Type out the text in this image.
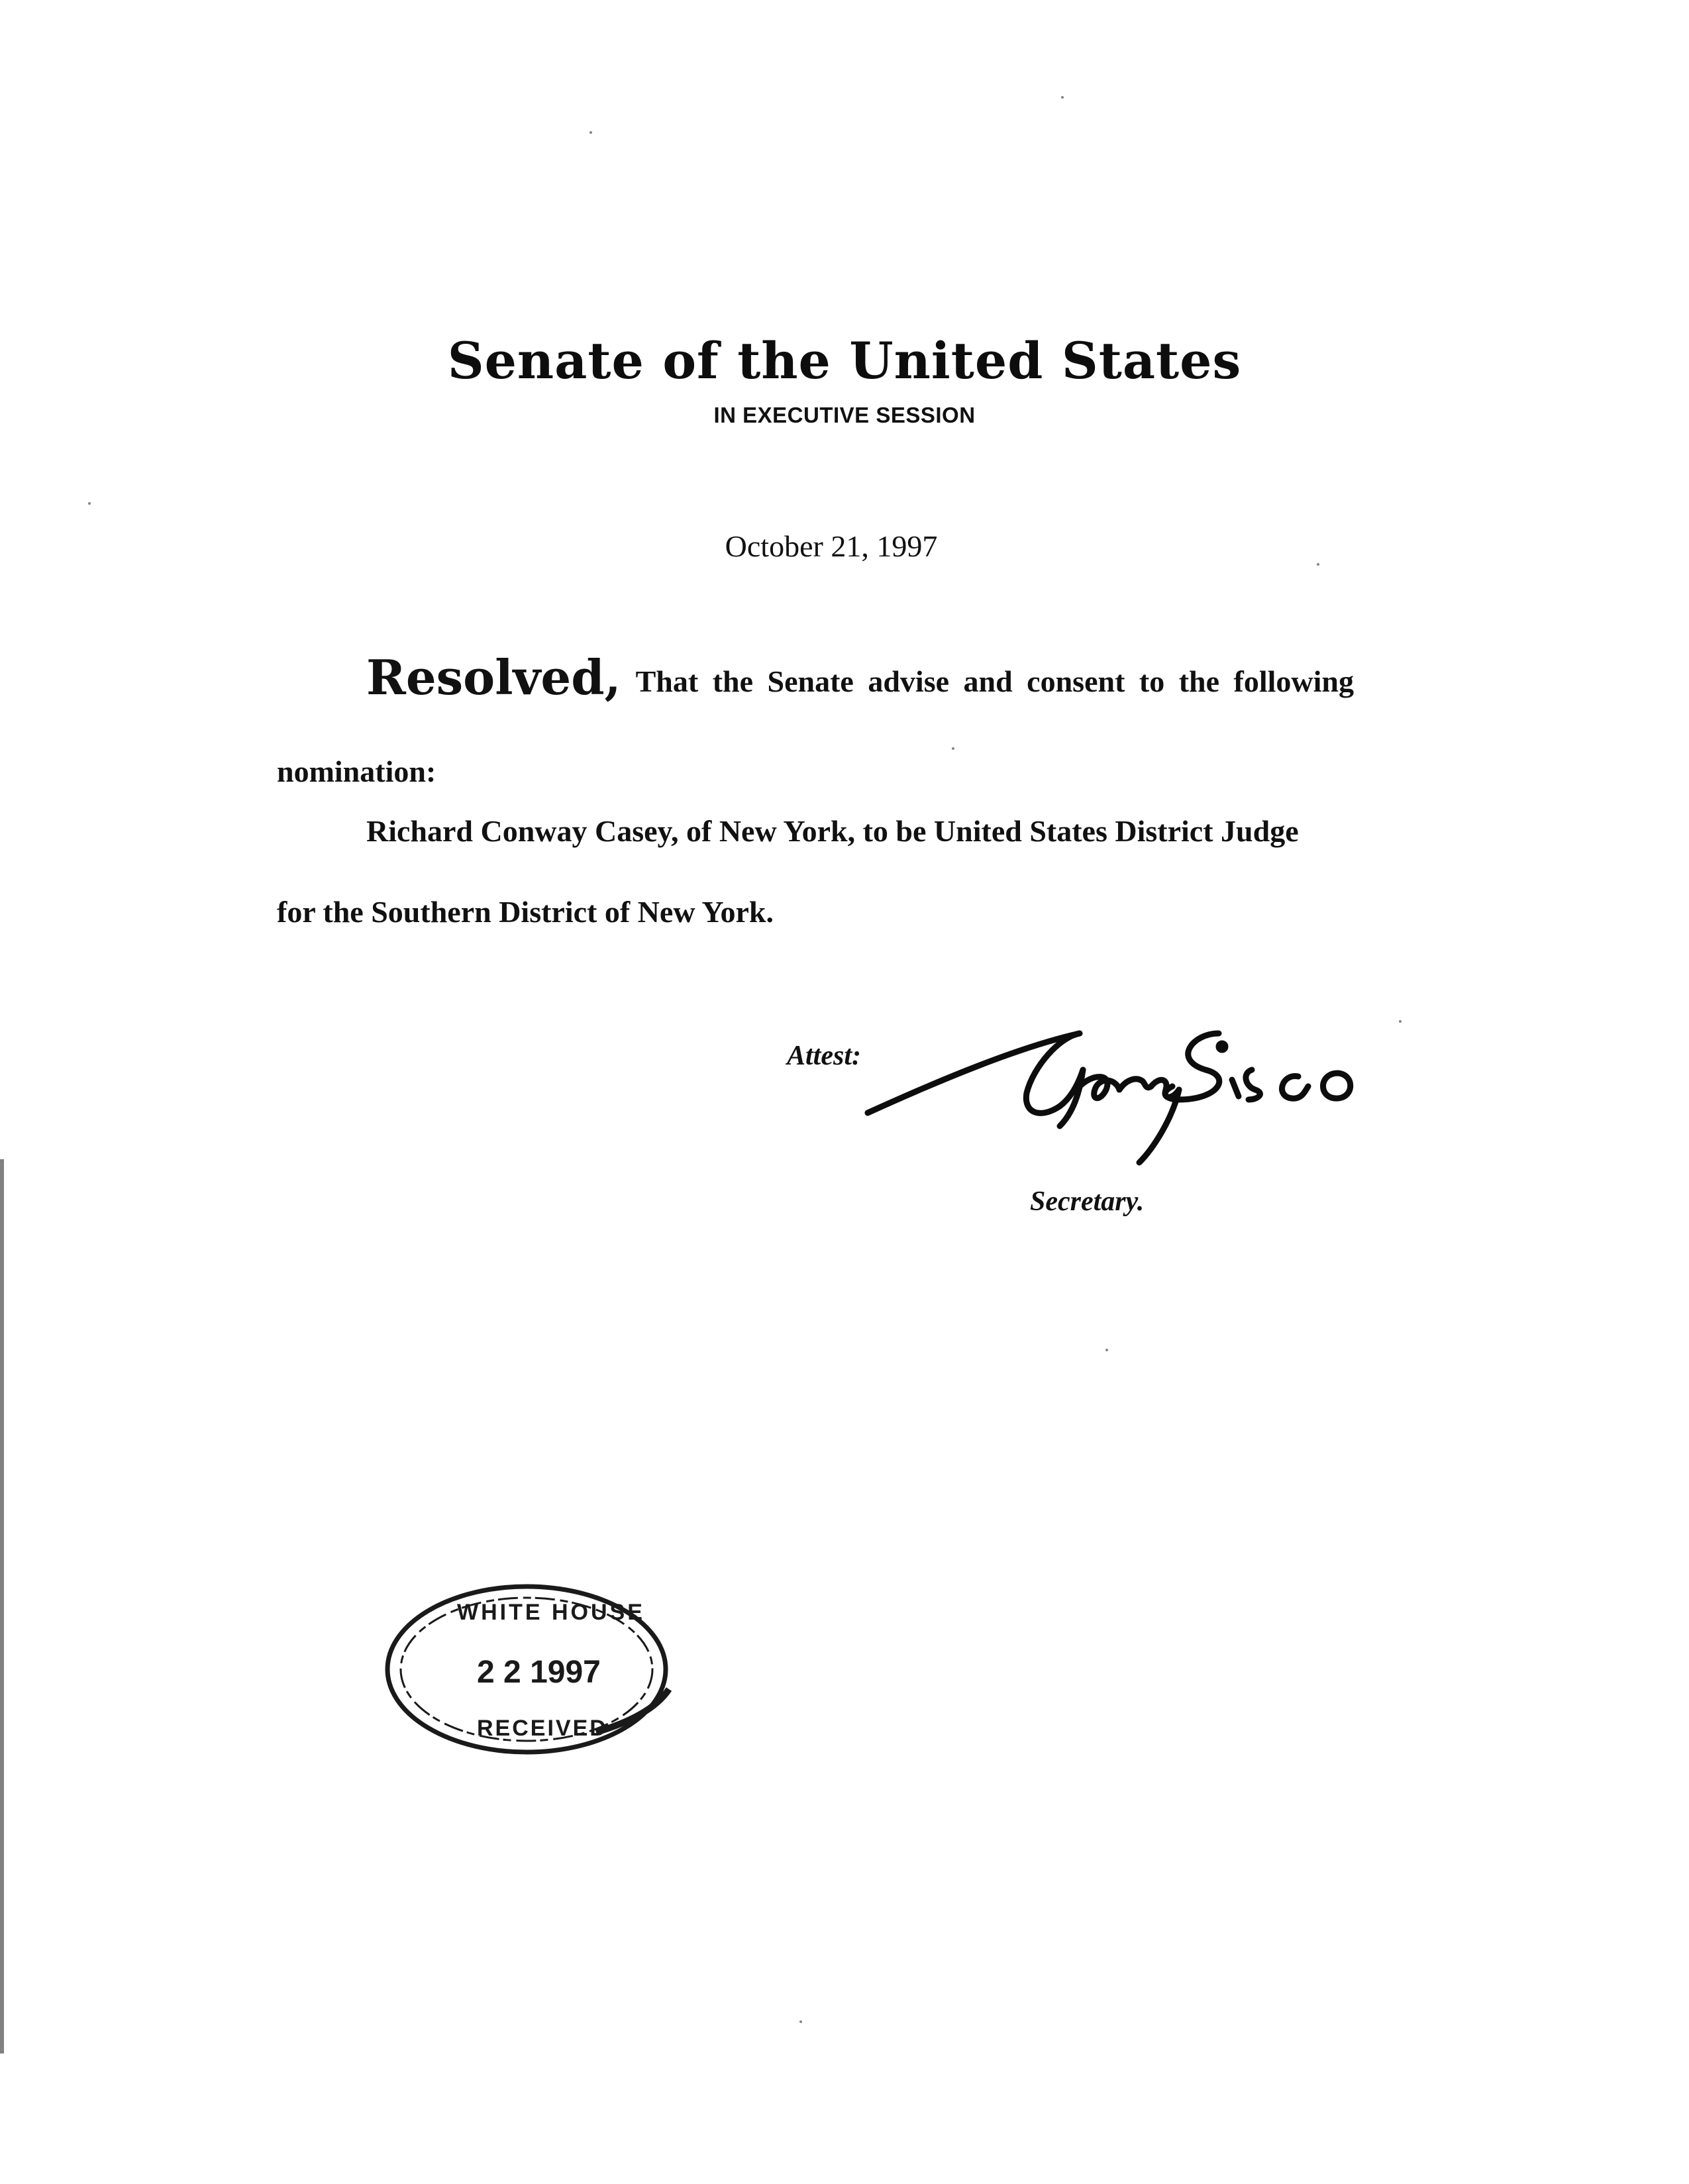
Senate of the United States
IN EXECUTIVE SESSION
October 21, 1997
Resolved, That the Senate advise and consent to the following
nomination:
Richard Conway Casey, of New York, to be United States District Judge
for the Southern District of New York.
Attest:
Secretary.
WHITE HOUSE
2 2 1997
RECEIVED
